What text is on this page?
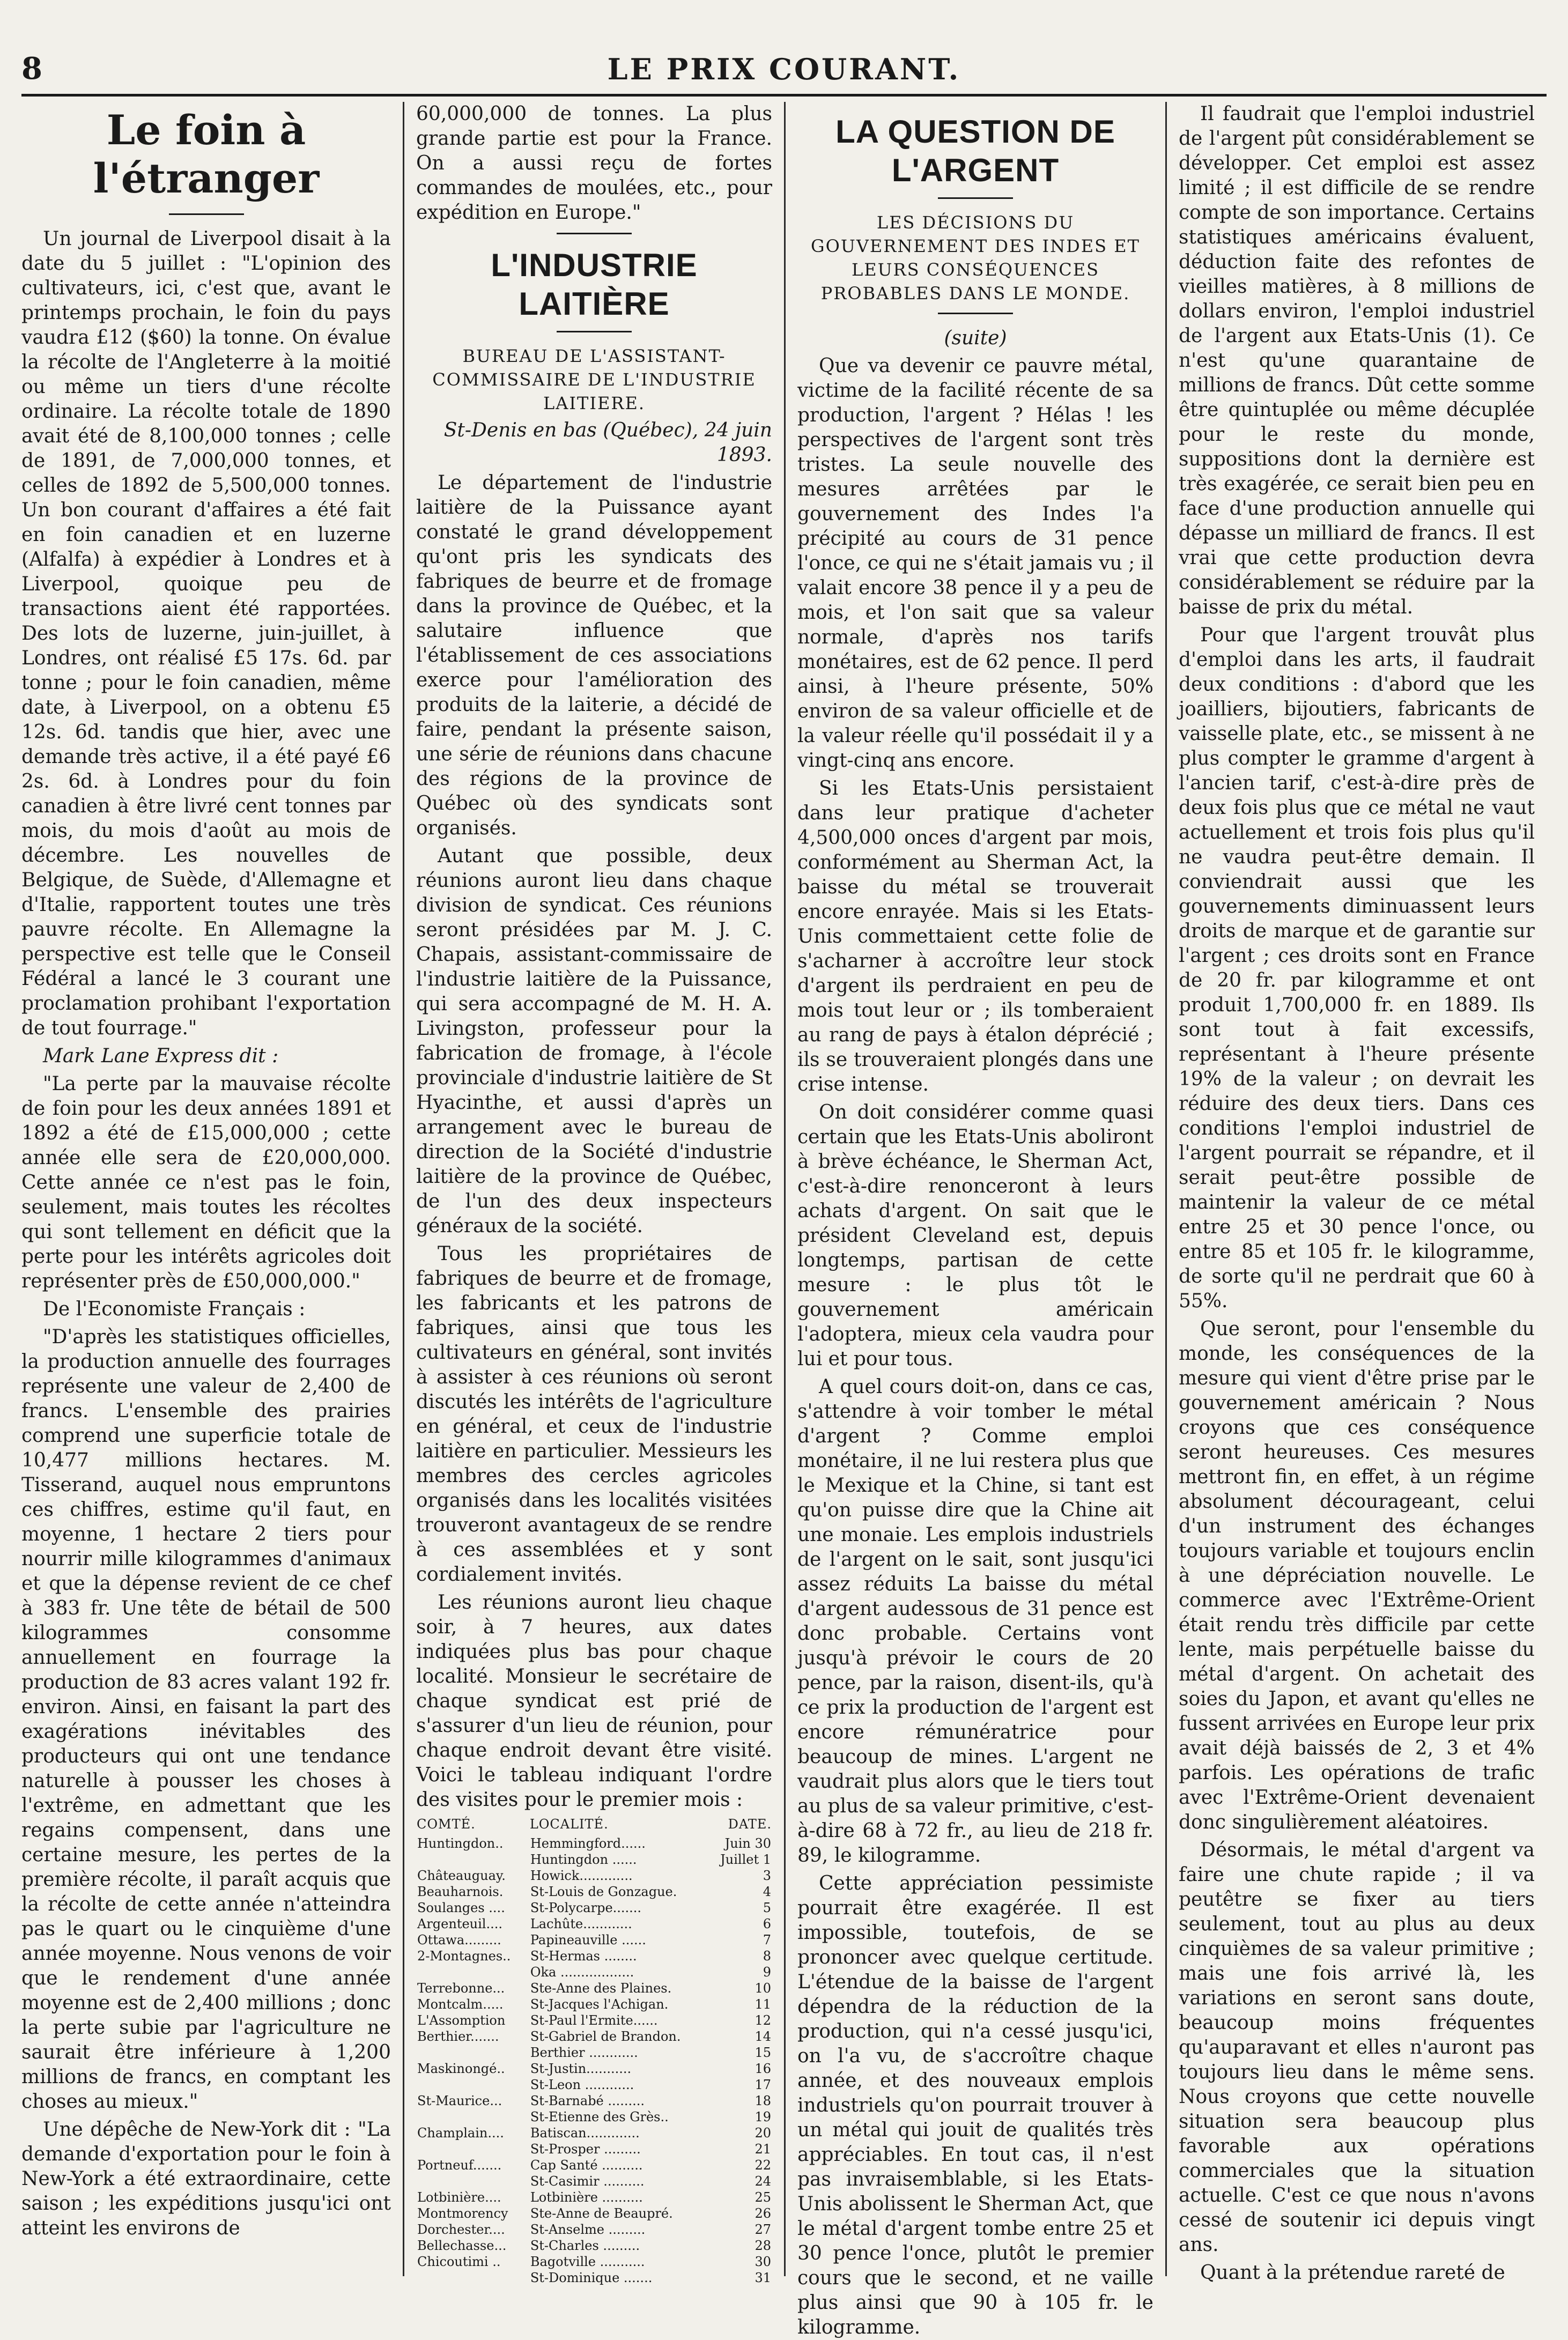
8	LE PRIX COURANT.
Le foin à l'étranger

Un journal de Liverpool disait à la date du 5 juillet : "L'opinion des cultivateurs, ici, c'est que, avant le printemps prochain, le foin du pays vaudra £12 ($60) la tonne. On évalue la récolte de l'Angleterre à la moitié ou même un tiers d'une récolte ordinaire. La récolte totale de 1890 avait été de 8,100,000 tonnes ; celle de 1891, de 7,000,000 tonnes, et celles de 1892 de 5,500,000 tonnes. Un bon courant d'affaires a été fait en foin canadien et en luzerne (Alfalfa) à expédier à Londres et à Liverpool, quoique peu de transactions aient été rapportées. Des lots de luzerne, juin-juillet, à Londres, ont réalisé £5 17s. 6d. par tonne ; pour le foin canadien, même date, à Liverpool, on a obtenu £5 12s. 6d. tandis que hier, avec une demande très active, il a été payé £6 2s. 6d. à Londres pour du foin canadien à être livré cent tonnes par mois, du mois d'août au mois de décembre. Les nouvelles de Belgique, de Suède, d'Allemagne et d'Italie, rapportent toutes une très pauvre récolte. En Allemagne la perspective est telle que le Conseil Fédéral a lancé le 3 courant une proclamation prohibant l'exportation de tout fourrage."

Mark Lane Express dit :

"La perte par la mauvaise récolte de foin pour les deux années 1891 et 1892 a été de £15,000,000 ; cette année elle sera de £20,000,000. Cette année ce n'est pas le foin, seulement, mais toutes les récoltes qui sont tellement en déficit que la perte pour les intérêts agricoles doit représenter près de £50,000,000."

De l'Economiste Français :

"D'après les statistiques officielles, la production annuelle des fourrages représente une valeur de 2,400 de francs. L'ensemble des prairies comprend une superficie totale de 10,477 millions hectares. M. Tisserand, auquel nous empruntons ces chiffres, estime qu'il faut, en moyenne, 1 hectare 2 tiers pour nourrir mille kilogrammes d'animaux et que la dépense revient de ce chef à 383 fr. Une tête de bétail de 500 kilogrammes consomme annuellement en fourrage la production de 83 acres valant 192 fr. environ. Ainsi, en faisant la part des exagérations inévitables des producteurs qui ont une tendance naturelle à pousser les choses à l'extrême, en admettant que les regains compensent, dans une certaine mesure, les pertes de la première récolte, il paraît acquis que la récolte de cette année n'atteindra pas le quart ou le cinquième d'une année moyenne. Nous venons de voir que le rendement d'une année moyenne est de 2,400 millions ; donc la perte subie par l'agriculture ne saurait être inférieure à 1,200 millions de francs, en comptant les choses au mieux."

Une dépêche de New-York dit : "La demande d'exportation pour le foin à New-York a été extraordinaire, cette saison ; les expéditions jusqu'ici ont atteint les environs de

60,000,000 de tonnes. La plus grande partie est pour la France. On a aussi reçu de fortes commandes de moulées, etc., pour expédition en Europe."

L'INDUSTRIE LAITIÈRE

BUREAU DE L'ASSISTANT-COMMISSAIRE DE L'INDUSTRIE LAITIERE.

St-Denis en bas (Québec), 24 juin 1893.

Le département de l'industrie laitière de la Puissance ayant constaté le grand développement qu'ont pris les syndicats des fabriques de beurre et de fromage dans la province de Québec, et la salutaire influence que l'établissement de ces associations exerce pour l'amélioration des produits de la laiterie, a décidé de faire, pendant la présente saison, une série de réunions dans chacune des régions de la province de Québec où des syndicats sont organisés.

Autant que possible, deux réunions auront lieu dans chaque division de syndicat. Ces réunions seront présidées par M. J. C. Chapais, assistant-commissaire de l'industrie laitière de la Puissance, qui sera accompagné de M. H. A. Livingston, professeur pour la fabrication de fromage, à l'école provinciale d'industrie laitière de St Hyacinthe, et aussi d'après un arrangement avec le bureau de direction de la Société d'industrie laitière de la province de Québec, de l'un des deux inspecteurs généraux de la société.

Tous les propriétaires de fabriques de beurre et de fromage, les fabricants et les patrons de fabriques, ainsi que tous les cultivateurs en général, sont invités à assister à ces réunions où seront discutés les intérêts de l'agriculture en général, et ceux de l'industrie laitière en particulier. Messieurs les membres des cercles agricoles organisés dans les localités visitées trouveront avantageux de se rendre à ces assemblées et y sont cordialement invités.

Les réunions auront lieu chaque soir, à 7 heures, aux dates indiquées plus bas pour chaque localité. Monsieur le secrétaire de chaque syndicat est prié de s'assurer d'un lieu de réunion, pour chaque endroit devant être visité. Voici le tableau indiquant l'ordre des visites pour le premier mois :

COMTÉ.	LOCALITÉ.	DATE.
Huntingdon..	Hemmingford......	Juin 30
	Huntingdon ......	Juillet 1
Châteauguay.	Howick.............	3
Beauharnois.	St-Louis de Gonzague.	4
Soulanges ....	St-Polycarpe.......	5
Argenteuil....	Lachûte............	6
Ottawa.........	Papineauville ......	7
2-Montagnes..	St-Hermas ........	8
	Oka ..................	9
Terrebonne...	Ste-Anne des Plaines.	10
Montcalm.....	St-Jacques l'Achigan.	11
L'Assomption	St-Paul l'Ermite......	12
Berthier.......	St-Gabriel de Brandon.	14
	Berthier ............	15
Maskinongé..	St-Justin...........	16
	St-Leon ............	17
St-Maurice...	St-Barnabé .........	18
	St-Etienne des Grès..	19
Champlain....	Batiscan.............	20
	St-Prosper .........	21
Portneuf.......	Cap Santé ..........	22
	St-Casimir ..........	24
Lotbinière....	Lotbinière ..........	25
Montmorency	Ste-Anne de Beaupré.	26
Dorchester....	St-Anselme .........	27
Bellechasse...	St-Charles .........	28
Chicoutimi ..	Bagotville ...........	30
	St-Dominique .......	31
LA QUESTION DE L'ARGENT

LES DÉCISIONS DU GOUVERNEMENT DES INDES ET LEURS CONSÉQUENCES PROBABLES DANS LE MONDE.

(suite)

Que va devenir ce pauvre métal, victime de la facilité récente de sa production, l'argent ? Hélas ! les perspectives de l'argent sont très tristes. La seule nouvelle des mesures arrêtées par le gouvernement des Indes l'a précipité au cours de 31 pence l'once, ce qui ne s'était jamais vu ; il valait encore 38 pence il y a peu de mois, et l'on sait que sa valeur normale, d'après nos tarifs monétaires, est de 62 pence. Il perd ainsi, à l'heure présente, 50% environ de sa valeur officielle et de la valeur réelle qu'il possédait il y a vingt-cinq ans encore.

Si les Etats-Unis persistaient dans leur pratique d'acheter 4,500,000 onces d'argent par mois, conformément au Sherman Act, la baisse du métal se trouverait encore enrayée. Mais si les Etats-Unis commettaient cette folie de s'acharner à accroître leur stock d'argent ils perdraient en peu de mois tout leur or ; ils tomberaient au rang de pays à étalon déprécié ; ils se trouveraient plongés dans une crise intense.

On doit considérer comme quasi certain que les Etats-Unis aboliront à brève échéance, le Sherman Act, c'est-à-dire renonceront à leurs achats d'argent. On sait que le président Cleveland est, depuis longtemps, partisan de cette mesure : le plus tôt le gouvernement américain l'adoptera, mieux cela vaudra pour lui et pour tous.

A quel cours doit-on, dans ce cas, s'attendre à voir tomber le métal d'argent ? Comme emploi monétaire, il ne lui restera plus que le Mexique et la Chine, si tant est qu'on puisse dire que la Chine ait une monaie. Les emplois industriels de l'argent on le sait, sont jusqu'ici assez réduits La baisse du métal d'argent audessous de 31 pence est donc probable. Certains vont jusqu'à prévoir le cours de 20 pence, par la raison, disent-ils, qu'à ce prix la production de l'argent est encore rémunératrice pour beaucoup de mines. L'argent ne vaudrait plus alors que le tiers tout au plus de sa valeur primitive, c'est-à-dire 68 à 72 fr., au lieu de 218 fr. 89, le kilogramme.

Cette appréciation pessimiste pourrait être exagérée. Il est impossible, toutefois, de se prononcer avec quelque certitude. L'étendue de la baisse de l'argent dépendra de la réduction de la production, qui n'a cessé jusqu'ici, on l'a vu, de s'accroître chaque année, et des nouveaux emplois industriels qu'on pourrait trouver à un métal qui jouit de qualités très appréciables. En tout cas, il n'est pas invraisemblable, si les Etats-Unis abolissent le Sherman Act, que le métal d'argent tombe entre 25 et 30 pence l'once, plutôt le premier cours que le second, et ne vaille plus ainsi que 90 à 105 fr. le kilogramme.

Il faudrait que l'emploi industriel de l'argent pût considérablement se développer. Cet emploi est assez limité ; il est difficile de se rendre compte de son importance. Certains statistiques américains évaluent, déduction faite des refontes de vieilles matières, à 8 millions de dollars environ, l'emploi industriel de l'argent aux Etats-Unis (1). Ce n'est qu'une quarantaine de millions de francs. Dût cette somme être quintuplée ou même décuplée pour le reste du monde, suppositions dont la dernière est très exagérée, ce serait bien peu en face d'une production annuelle qui dépasse un milliard de francs. Il est vrai que cette production devra considérablement se réduire par la baisse de prix du métal.

Pour que l'argent trouvât plus d'emploi dans les arts, il faudrait deux conditions : d'abord que les joailliers, bijoutiers, fabricants de vaisselle plate, etc., se missent à ne plus compter le gramme d'argent à l'ancien tarif, c'est-à-dire près de deux fois plus que ce métal ne vaut actuellement et trois fois plus qu'il ne vaudra peut-être demain. Il conviendrait aussi que les gouvernements diminuassent leurs droits de marque et de garantie sur l'argent ; ces droits sont en France de 20 fr. par kilogramme et ont produit 1,700,000 fr. en 1889. Ils sont tout à fait excessifs, représentant à l'heure présente 19% de la valeur ; on devrait les réduire des deux tiers. Dans ces conditions l'emploi industriel de l'argent pourrait se répandre, et il serait peut-être possible de maintenir la valeur de ce métal entre 25 et 30 pence l'once, ou entre 85 et 105 fr. le kilogramme, de sorte qu'il ne perdrait que 60 à 55%.

Que seront, pour l'ensemble du monde, les conséquences de la mesure qui vient d'être prise par le gouvernement américain ? Nous croyons que ces conséquence seront heureuses. Ces mesures mettront fin, en effet, à un régime absolument décourageant, celui d'un instrument des échanges toujours variable et toujours enclin à une dépréciation nouvelle. Le commerce avec l'Extrême-Orient était rendu très difficile par cette lente, mais perpétuelle baisse du métal d'argent. On achetait des soies du Japon, et avant qu'elles ne fussent arrivées en Europe leur prix avait déjà baissés de 2, 3 et 4% parfois. Les opérations de trafic avec l'Extrême-Orient devenaient donc singulièrement aléatoires.

Désormais, le métal d'argent va faire une chute rapide ; il va peutêtre se fixer au tiers seulement, tout au plus au deux cinquièmes de sa valeur primitive ; mais une fois arrivé là, les variations en seront sans doute, beaucoup moins fréquentes qu'auparavant et elles n'auront pas toujours lieu dans le même sens. Nous croyons que cette nouvelle situation sera beaucoup plus favorable aux opérations commerciales que la situation actuelle. C'est ce que nous n'avons cessé de soutenir ici depuis vingt ans.

Quant à la prétendue rareté de
